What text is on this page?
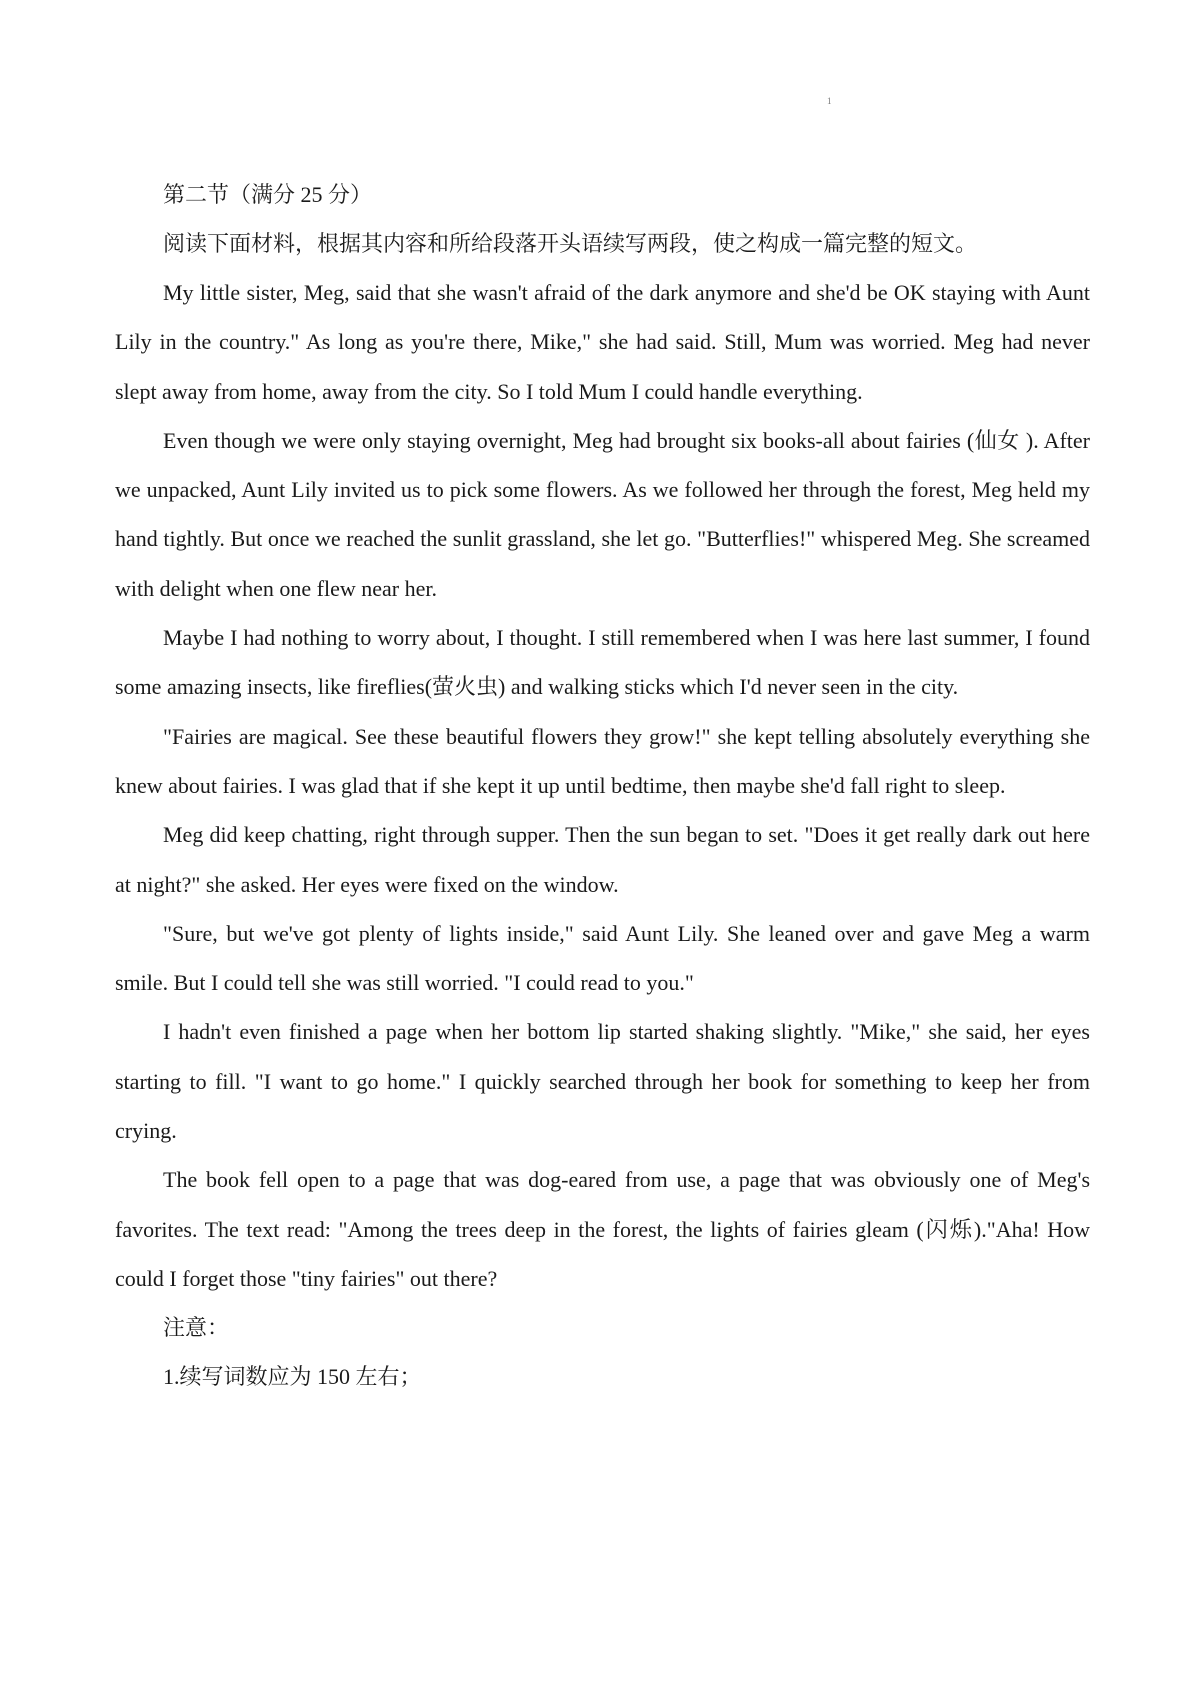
1
第二节（满分 25 分）
阅读下面材料，根据其内容和所给段落开头语续写两段，使之构成一篇完整的短文。

My little sister, Meg, said that she wasn't afraid of the dark anymore and she'd be OK staying with Aunt Lily in the country." As long as you're there, Mike," she had said. Still, Mum was worried. Meg had never slept away from home, away from the city. So I told Mum I could handle everything.

Even though we were only staying overnight, Meg had brought six books-all about fairies (仙女 ). After we unpacked, Aunt Lily invited us to pick some flowers. As we followed her through the forest, Meg held my hand tightly. But once we reached the sunlit grassland, she let go. "Butterflies!" whispered Meg. She screamed with delight when one flew near her.

Maybe I had nothing to worry about, I thought. I still remembered when I was here last summer, I found some amazing insects, like fireflies(萤火虫) and walking sticks which I'd never seen in the city.

"Fairies are magical. See these beautiful flowers they grow!" she kept telling absolutely everything she knew about fairies. I was glad that if she kept it up until bedtime, then maybe she'd fall right to sleep.

Meg did keep chatting, right through supper. Then the sun began to set. "Does it get really dark out here at night?" she asked. Her eyes were fixed on the window.

"Sure, but we've got plenty of lights inside," said Aunt Lily. She leaned over and gave Meg a warm smile. But I could tell she was still worried. "I could read to you."

I hadn't even finished a page when her bottom lip started shaking slightly. "Mike," she said, her eyes starting to fill. "I want to go home." I quickly searched through her book for something to keep her from crying.

The book fell open to a page that was dog-eared from use, a page that was obviously one of Meg's favorites. The text read: "Among the trees deep in the forest, the lights of fairies gleam (闪烁)."Aha! How could I forget those "tiny fairies" out there?

注意：
1.续写词数应为 150 左右；
